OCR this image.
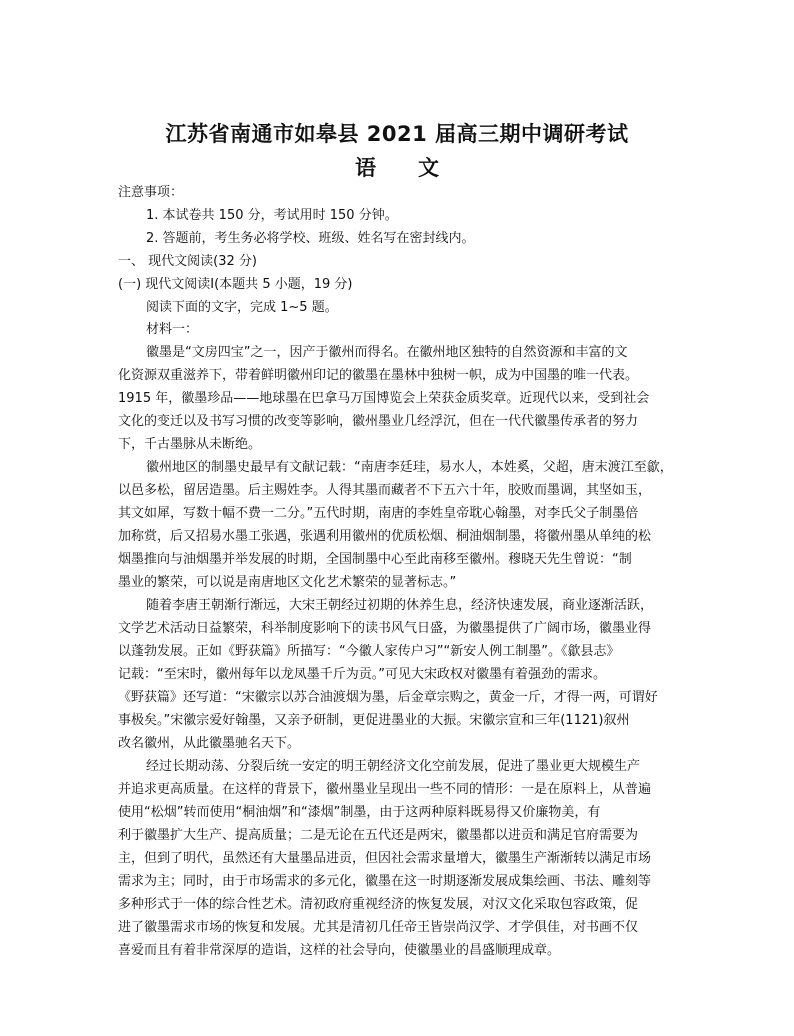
江苏省南通市如皋县 2021 届高三期中调研考试
语　　文
注意事项：
1. 本试卷共 150 分，考试用时 150 分钟。
2. 答题前，考生务必将学校、班级、姓名写在密封线内。
一、 现代文阅读(32 分)
(一) 现代文阅读Ⅰ(本题共 5 小题，19 分)
阅读下面的文字，完成 1~5 题。
材料一：
徽墨是“文房四宝”之一，因产于徽州而得名。在徽州地区独特的自然资源和丰富的文
化资源双重滋养下，带着鲜明徽州印记的徽墨在墨林中独树一帜，成为中国墨的唯一代表。
1915 年，徽墨珍品——地球墨在巴拿马万国博览会上荣获金质奖章。近现代以来，受到社会
文化的变迁以及书写习惯的改变等影响，徽州墨业几经浮沉，但在一代代徽墨传承者的努力
下，千古墨脉从未断绝。
徽州地区的制墨史最早有文献记载：“南唐李廷珪，易水人，本姓奚，父超，唐末渡江至歙，
以邑多松，留居造墨。后主赐姓李。人得其墨而藏者不下五六十年，胶败而墨调，其坚如玉，
其文如犀，写数十幅不费一二分。”五代时期，南唐的李姓皇帝耽心翰墨，对李氏父子制墨倍
加称赏，后又招易水墨工张遇，张遇利用徽州的优质松烟、桐油烟制墨，将徽州墨从单纯的松
烟墨推向与油烟墨并举发展的时期，全国制墨中心至此南移至徽州。穆晓天先生曾说：“制
墨业的繁荣，可以说是南唐地区文化艺术繁荣的显著标志。”
随着李唐王朝渐行渐远，大宋王朝经过初期的休养生息，经济快速发展，商业逐渐活跃，
文学艺术活动日益繁荣，科举制度影响下的读书风气日盛，为徽墨提供了广阔市场，徽墨业得
以蓬勃发展。正如《野获篇》所描写：“今徽人家传户习”“新安人例工制墨”。《歙县志》
记载：“至宋时，徽州每年以龙凤墨千斤为贡。”可见大宋政权对徽墨有着强劲的需求。
《野获篇》还写道：“宋徽宗以苏合油渡烟为墨，后金章宗购之，黄金一斤，才得一两，可谓好
事极矣。”宋徽宗爱好翰墨，又亲予研制，更促进墨业的大振。宋徽宗宣和三年(1121)叙州
改名徽州，从此徽墨驰名天下。
经过长期动荡、分裂后统一安定的明王朝经济文化空前发展，促进了墨业更大规模生产
并追求更高质量。在这样的背景下，徽州墨业呈现出一些不同的情形：一是在原料上，从普遍
使用“松烟”转而使用“桐油烟”和“漆烟”制墨，由于这两种原料既易得又价廉物美，有
利于徽墨扩大生产、提高质量；二是无论在五代还是两宋，徽墨都以进贡和满足官府需要为
主，但到了明代，虽然还有大量墨品进贡，但因社会需求量增大，徽墨生产渐渐转以满足市场
需求为主；同时，由于市场需求的多元化，徽墨在这一时期逐渐发展成集绘画、书法、雕刻等
多种形式于一体的综合性艺术。清初政府重视经济的恢复发展，对汉文化采取包容政策，促
进了徽墨需求市场的恢复和发展。尤其是清初几任帝王皆崇尚汉学、才学俱佳，对书画不仅
喜爱而且有着非常深厚的造诣，这样的社会导向，使徽墨业的昌盛顺理成章。
